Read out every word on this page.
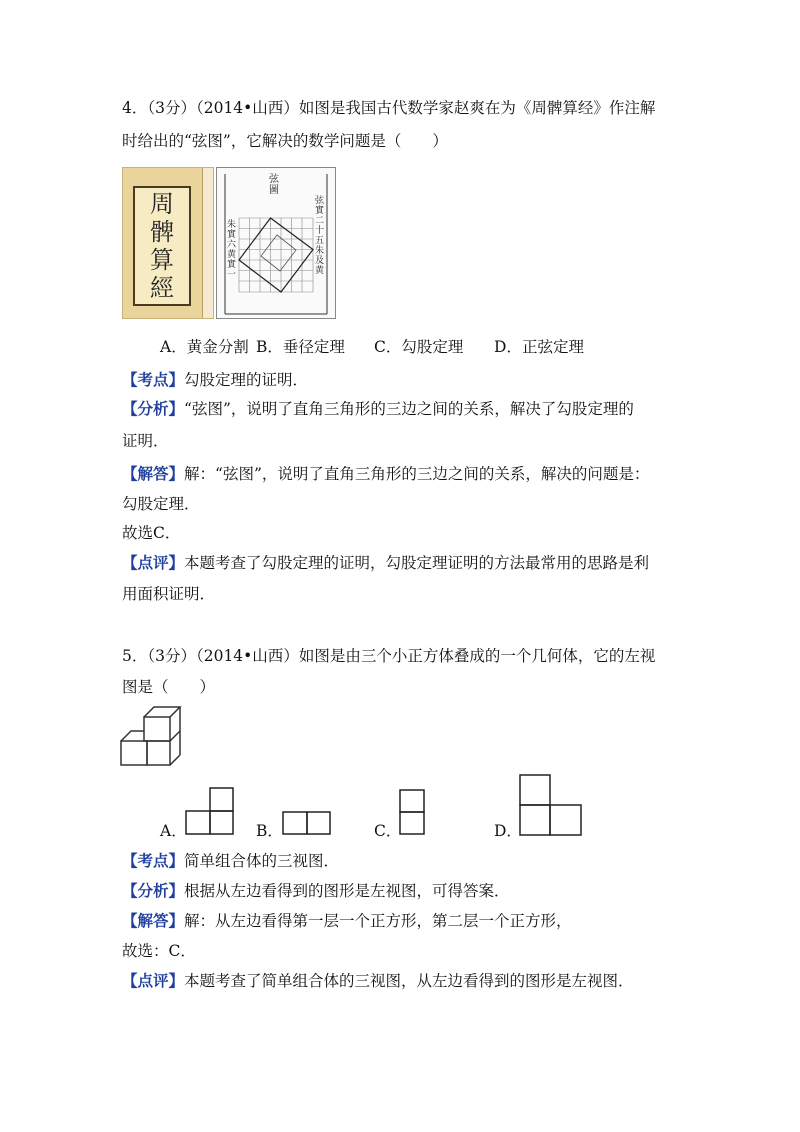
4．（3分）（2014•山西）如图是我国古代数学家赵爽在为《周髀算经》作注解
时给出的“弦图”，它解决的数学问题是（　　）
周
髀
算
經
弦圖
朱實六黄實一
弦實二十五朱及黄
A．黄金分割 B．垂径定理 C．勾股定理 D．正弦定理
【考点】勾股定理的证明．
【分析】“弦图”，说明了直角三角形的三边之间的关系，解决了勾股定理的
证明．
【解答】解：“弦图”，说明了直角三角形的三边之间的关系，解决的问题是：
勾股定理．
故选C．
【点评】本题考查了勾股定理的证明，勾股定理证明的方法最常用的思路是利
用面积证明．
5．（3分）（2014•山西）如图是由三个小正方体叠成的一个几何体，它的左视
图是（　　）
A．	B．	C．	D．
【考点】简单组合体的三视图．
【分析】根据从左边看得到的图形是左视图，可得答案．
【解答】解：从左边看得第一层一个正方形，第二层一个正方形，
故选：C．
【点评】本题考查了简单组合体的三视图，从左边看得到的图形是左视图．
